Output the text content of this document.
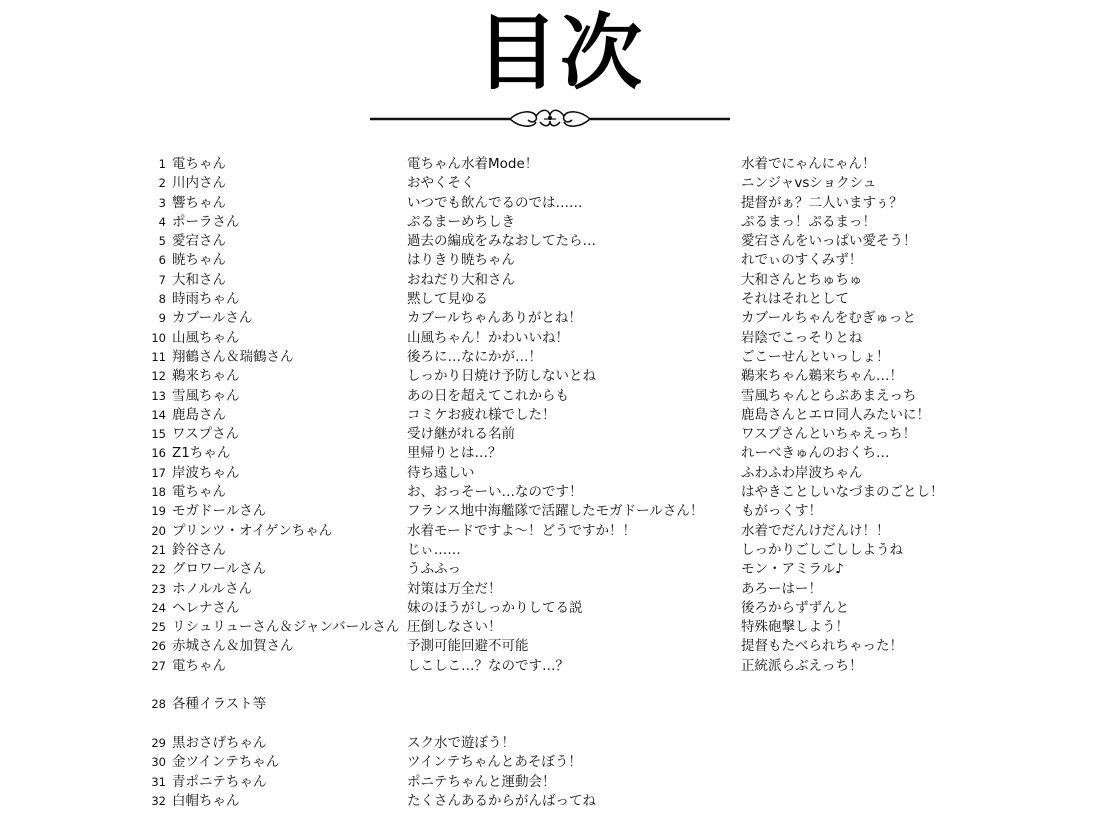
目次
1 電ちゃん	電ちゃん水着Mode！	水着でにゃんにゃん！
2 川内さん	おやくそく	ニンジャvsショクシュ
3 響ちゃん	いつでも飲んでるのでは……	提督がぁ？二人いますぅ？
4 ポーラさん	ぷるまーめちしき	ぷるまっ！ぷるまっ！
5 愛宕さん	過去の編成をみなおしてたら…	愛宕さんをいっぱい愛そう！
6 暁ちゃん	はりきり暁ちゃん	れでぃのすくみず！
7 大和さん	おねだり大和さん	大和さんとちゅちゅ
8 時雨ちゃん	黙して見ゆる	それはそれとして
9 カブールさん	カブールちゃんありがとね！	カブールちゃんをむぎゅっと
10 山風ちゃん	山風ちゃん！かわいいね！	岩陰でこっそりとね
11 翔鶴さん＆瑞鶴さん	後ろに…なにかが…！	ごこーせんといっしょ！
12 鵜来ちゃん	しっかり日焼け予防しないとね	鵜来ちゃん鵜来ちゃん…！
13 雪風ちゃん	あの日を超えてこれからも	雪風ちゃんとらぶあまえっち
14 鹿島さん	コミケお疲れ様でした！	鹿島さんとエロ同人みたいに！
15 ワスプさん	受け継がれる名前	ワスプさんといちゃえっち！
16 Z1ちゃん	里帰りとは…？	れーべきゅんのおくち…
17 岸波ちゃん	待ち遠しい	ふわふわ岸波ちゃん
18 電ちゃん	お、おっそーい…なのです！	はやきことしいなづまのごとし！
19 モガドールさん	フランス地中海艦隊で活躍したモガドールさん！	もがっくす！
20 プリンツ・オイゲンちゃん	水着モードですよ～！どうですか！！	水着でだんけだんけ！！
21 鈴谷さん	じぃ……	しっかりごしごししようね
22 グロワールさん	うふふっ	モン・アミラル♪
23 ホノルルさん	対策は万全だ！	あろーはー！
24 ヘレナさん	妹のほうがしっかりしてる説	後ろからずずんと
25 リシュリューさん＆ジャンバールさん 圧倒しなさい！	特殊砲撃しよう！
26 赤城さん＆加賀さん	予測可能回避不可能	提督もたべられちゃった！
27 電ちゃん	しこしこ…？なのです…？	正統派らぶえっち！
28 各種イラスト等
29 黒おさげちゃん	スク水で遊ぼう！
30 金ツインテちゃん	ツインテちゃんとあそぼう！
31 青ポニテちゃん	ポニテちゃんと運動会！
32 白帽ちゃん	たくさんあるからがんばってね
